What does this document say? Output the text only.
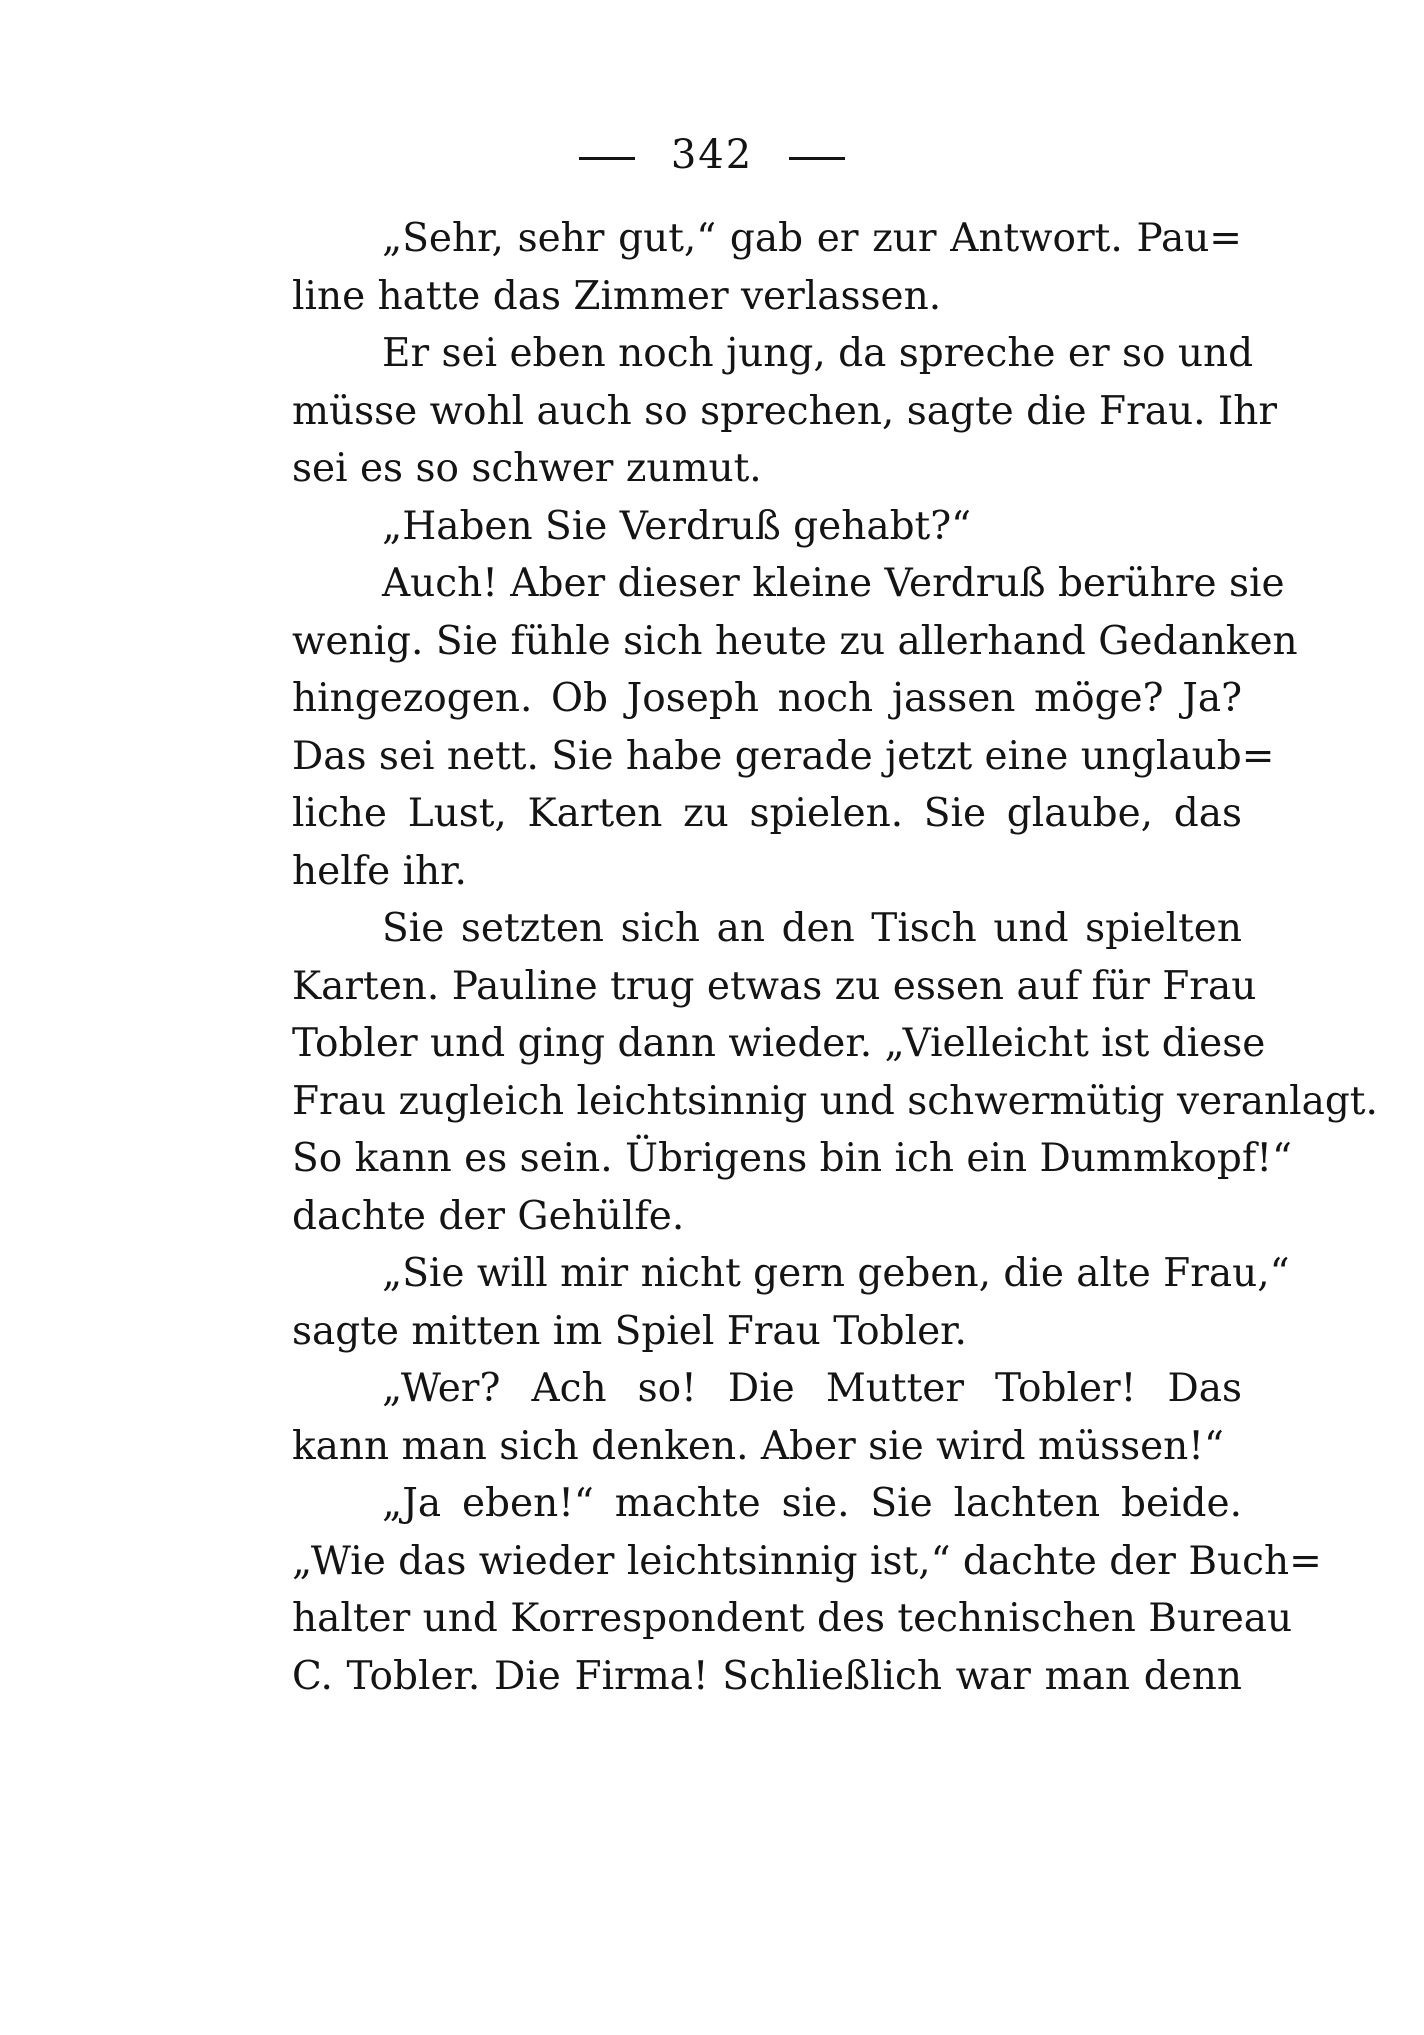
342
„Sehr, sehr gut,“ gab er zur Antwort. Pau=
line hatte das Zimmer verlassen.
Er sei eben noch jung, da spreche er so und
müsse wohl auch so sprechen, sagte die Frau. Ihr
sei es so schwer zumut.
„Haben Sie Verdruß gehabt?“
Auch! Aber dieser kleine Verdruß berühre sie
wenig. Sie fühle sich heute zu allerhand Gedanken
hingezogen. Ob Joseph noch jassen möge? Ja?
Das sei nett. Sie habe gerade jetzt eine unglaub=
liche Lust, Karten zu spielen. Sie glaube, das
helfe ihr.
Sie setzten sich an den Tisch und spielten
Karten. Pauline trug etwas zu essen auf für Frau
Tobler und ging dann wieder. „Vielleicht ist diese
Frau zugleich leichtsinnig und schwermütig veranlagt.
So kann es sein. Übrigens bin ich ein Dummkopf!“
dachte der Gehülfe.
„Sie will mir nicht gern geben, die alte Frau,“
sagte mitten im Spiel Frau Tobler.
„Wer? Ach so! Die Mutter Tobler! Das
kann man sich denken. Aber sie wird müssen!“
„Ja eben!“ machte sie. Sie lachten beide.
„Wie das wieder leichtsinnig ist,“ dachte der Buch=
halter und Korrespondent des technischen Bureau
C. Tobler. Die Firma! Schließlich war man denn
